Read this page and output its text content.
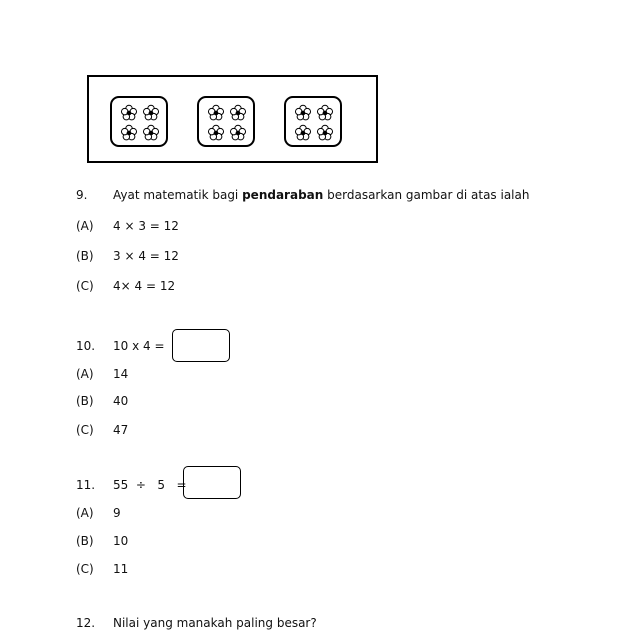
9. Ayat matematik bagi pendaraban berdasarkan gambar di atas ialah
(A) 4 × 3 = 12
(B) 3 × 4 = 12
(C) 4× 4 = 12
10. 10 x 4 =
(A) 14
(B) 40
(C) 47
11. 55  ÷   5   =
(A) 9
(B) 10
(C) 11
12. Nilai yang manakah paling besar?
